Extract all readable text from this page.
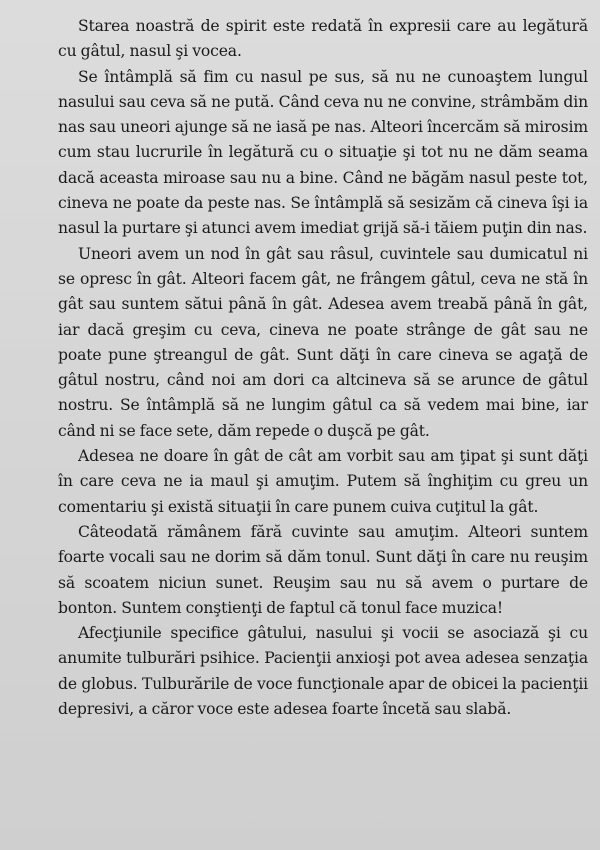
Starea noastră de spirit este redată în expresii care au legătură cu gâtul, nasul şi vocea.

Se întâmplă să fim cu nasul pe sus, să nu ne cunoaştem lungul nasului sau ceva să ne pută. Când ceva nu ne convine, strâmbăm din nas sau uneori ajunge să ne iasă pe nas. Alteori încercăm să mirosim cum stau lucrurile în legătură cu o situaţie şi tot nu ne dăm seama dacă aceasta miroase sau nu a bine. Când ne băgăm nasul peste tot, cineva ne poate da peste nas. Se întâmplă să sesizăm că cineva îşi ia nasul la purtare şi atunci avem imediat grijă să-i tăiem puţin din nas.

Uneori avem un nod în gât sau râsul, cuvintele sau dumicatul ni se opresc în gât. Alteori facem gât, ne frângem gâtul, ceva ne stă în gât sau suntem sătui până în gât. Adesea avem treabă până în gât, iar dacă greşim cu ceva, cineva ne poate strânge de gât sau ne poate pune ştreangul de gât. Sunt dăţi în care cineva se agaţă de gâtul nostru, când noi am dori ca altcineva să se arunce de gâtul nostru. Se întâmplă să ne lungim gâtul ca să vedem mai bine, iar când ni se face sete, dăm repede o duşcă pe gât.

Adesea ne doare în gât de cât am vorbit sau am ţipat şi sunt dăţi în care ceva ne ia maul şi amuţim. Putem să înghiţim cu greu un comentariu şi există situaţii în care punem cuiva cuţitul la gât.

Câteodată rămânem fără cuvinte sau amuţim. Alteori suntem foarte vocali sau ne dorim să dăm tonul. Sunt dăţi în care nu reuşim să scoatem niciun sunet. Reuşim sau nu să avem o purtare de bonton. Suntem conştienţi de faptul că tonul face muzica!

Afecţiunile specifice gâtului, nasului şi vocii se asociază şi cu anumite tulburări psihice. Pacienţii anxioşi pot avea adesea senzaţia de globus. Tulburările de voce funcţionale apar de obicei la pacienţii depresivi, a căror voce este adesea foarte încetă sau slabă.
